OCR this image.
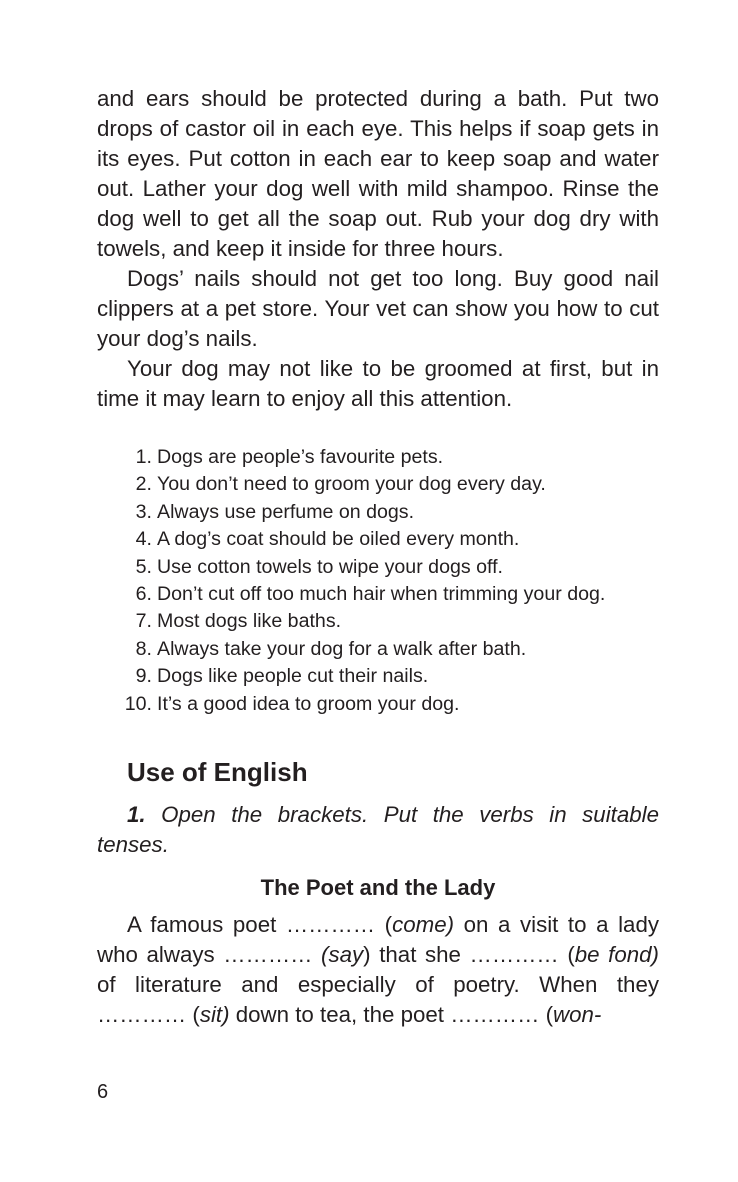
and ears should be protected during a bath. Put two drops of castor oil in each eye. This helps if soap gets in its eyes. Put cotton in each ear to keep soap and water out. Lather your dog well with mild shampoo. Rinse the dog well to get all the soap out. Rub your dog dry with towels, and keep it inside for three hours.

Dogs’ nails should not get too long. Buy good nail clippers at a pet store. Your vet can show you how to cut your dog’s nails.

Your dog may not like to be groomed at first, but in time it may learn to enjoy all this attention.

1. Dogs are people’s favourite pets.
2. You don’t need to groom your dog every day.
3. Always use perfume on dogs.
4. A dog’s coat should be oiled every month.
5. Use cotton towels to wipe your dogs off.
6. Don’t cut off too much hair when trimming your dog.
7. Most dogs like baths.
8. Always take your dog for a walk after bath.
9. Dogs like people cut their nails.
10. It’s a good idea to groom your dog.
Use of English

1. Open the brackets. Put the verbs in suitable tenses.

The Poet and the Lady

A famous poet ………… (come) on a visit to a lady who always ………… (say) that she ………… (be fond) of literature and especially of poetry. When they ………… (sit) down to tea, the poet ………… (won-

6
